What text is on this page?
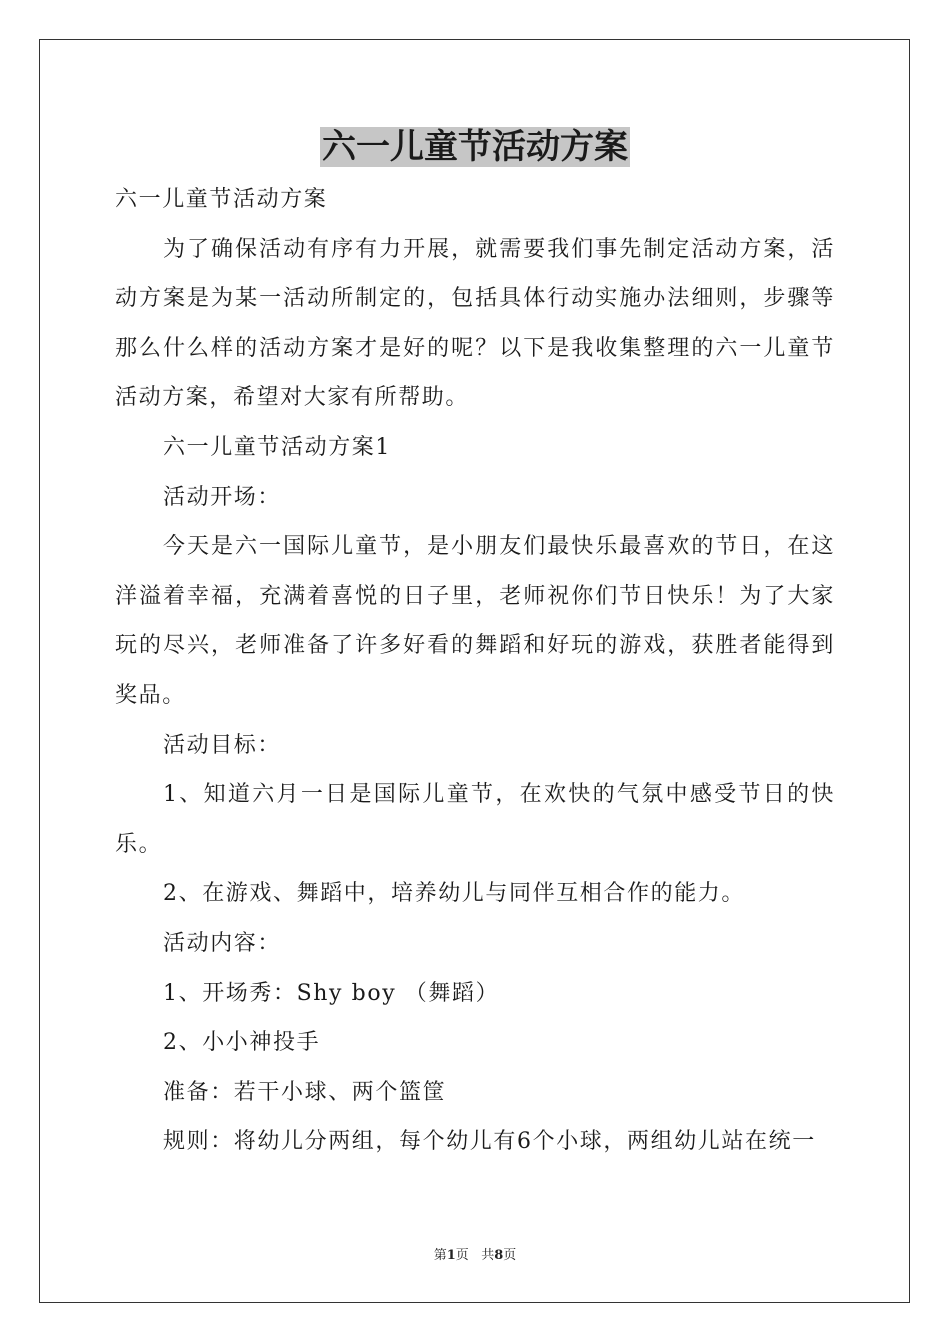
六一儿童节活动方案

六一儿童节活动方案

为了确保活动有序有力开展，就需要我们事先制定活动方案，活动方案是为某一活动所制定的，包括具体行动实施办法细则，步骤等那么什么样的活动方案才是好的呢？以下是我收集整理的六一儿童节活动方案，希望对大家有所帮助。

六一儿童节活动方案1

活动开场：

今天是六一国际儿童节，是小朋友们最快乐最喜欢的节日，在这洋溢着幸福，充满着喜悦的日子里，老师祝你们节日快乐！为了大家玩的尽兴，老师准备了许多好看的舞蹈和好玩的游戏，获胜者能得到奖品。

活动目标：

1、知道六月一日是国际儿童节，在欢快的气氛中感受节日的快乐。

2、在游戏、舞蹈中，培养幼儿与同伴互相合作的能力。

活动内容：

1、开场秀：Shy boy （舞蹈）

2、小小神投手

准备：若干小球、两个篮筐

规则：将幼儿分两组，每个幼儿有6个小球，两组幼儿站在统一

第1页 共8页
